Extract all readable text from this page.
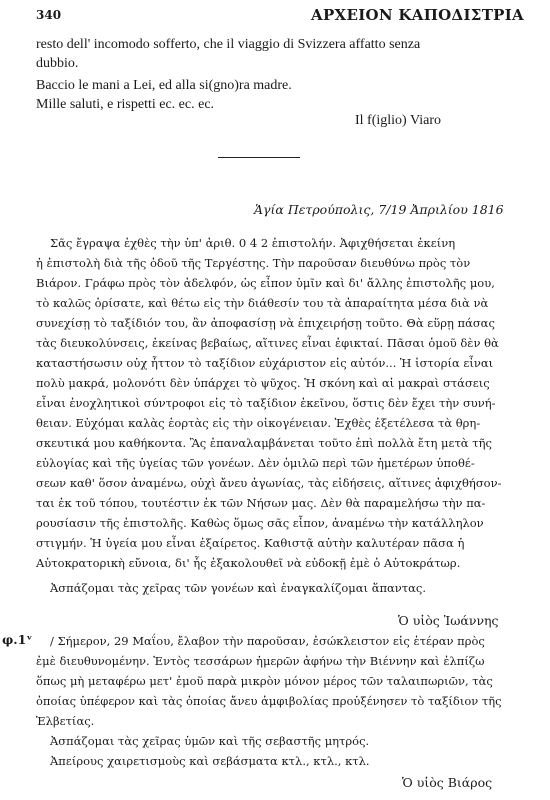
340	ΑΡΧΕΙΟΝ ΚΑΠΟΔΙΣΤΡΙΑ
resto dell' incomodo sofferto, che il viaggio di Svizzera affatto senza
dubbio.
Baccio le mani a Lei, ed alla si(gno)ra madre.
Mille saluti, e rispetti ec. ec. ec.
Il f(iglio) Viaro
Ἁγία Πετρούπολις, 7/19 Ἀπριλίου 1816
Σᾶς ἔγραψα ἐχθὲς τὴν ὑπ' ἀριθ. 0 4 2 ἐπιστολήν. Ἀφιχθήσεται ἐκείνη
ἡ ἐπιστολὴ διὰ τῆς ὁδοῦ τῆς Τεργέστης. Τὴν παροῦσαν διευθύνω πρὸς τὸν
Βιάρον. Γράφω πρὸς τὸν ἀδελφόν, ὡς εἶπον ὑμῖν καὶ δι' ἄλλης ἐπιστολῆς μου,
τὸ καλῶς ὁρίσατε, καὶ θέτω εἰς τὴν διάθεσίν του τὰ ἀπαραίτητα μέσα διὰ νὰ
συνεχίσῃ τὸ ταξίδιόν του, ἂν ἀποφασίσῃ νὰ ἐπιχειρήσῃ τοῦτο. Θὰ εὕρῃ πάσας
τὰς διευκολύνσεις, ἐκείνας βεβαίως, αἵτινες εἶναι ἐφικταί. Πᾶσαι ὁμοῦ δὲν θὰ
καταστήσωσιν οὐχ ἧττον τὸ ταξίδιον εὐχάριστον εἰς αὐτόν... Ἡ ἱστορία εἶναι
πολὺ μακρά, μολονότι δὲν ὑπάρχει τὸ ψῦχος. Ἡ σκόνη καὶ αἱ μακραὶ στάσεις
εἶναι ἐνοχλητικοὶ σύντροφοι εἰς τὸ ταξίδιον ἐκεῖνου, ὅστις δὲν ἔχει τὴν συνή-
θειαν. Εὐχόμαι καλὰς ἑορτὰς εἰς τὴν οἰκογένειαν. Ἐχθὲς ἐξετέλεσα τὰ θρη-
σκευτικά μου καθήκοντα. Ἂς ἐπαναλαμβάνεται τοῦτο ἐπὶ πολλὰ ἔτη μετὰ τῆς
εὐλογίας καὶ τῆς ὑγείας τῶν γονέων. Δὲν ὁμιλῶ περὶ τῶν ἡμετέρων ὑποθέ-
σεων καθ' ὅσον ἀναμένω, οὐχὶ ἄνευ ἀγωνίας, τὰς εἰδήσεις, αἵτινες ἀφιχθήσον-
ται ἐκ τοῦ τόπου, τουτέστιν ἐκ τῶν Νήσων μας. Δὲν θὰ παραμελήσω τὴν πα-
ρουσίασιν τῆς ἐπιστολῆς. Καθὼς ὅμως σᾶς εἶπον, ἀναμένω τὴν κατάλληλον
στιγμήν. Ἡ ὑγεία μου εἶναι ἐξαίρετος. Καθιστᾷ αὐτὴν καλυτέραν πᾶσα ἡ
Αὐτοκρατορικὴ εὔνοια, δι' ἧς ἐξακολουθεῖ νὰ εὐδοκῇ ἐμὲ ὁ Αὐτοκράτωρ.
Ἀσπάζομαι τὰς χεῖρας τῶν γονέων καὶ ἐναγκαλίζομαι ἅπαντας.
Ὁ υἱὸς Ἰωάννης
φ.1ᵛ / Σήμερον, 29 Μαΐου, ἔλαβον τὴν παροῦσαν, ἐσώκλειστον εἰς ἑτέραν πρὸς
ἐμὲ διευθυνομένην. Ἐντὸς τεσσάρων ἡμερῶν ἀφήνω τὴν Βιέννην καὶ ἐλπίζω
ὅπως μὴ μεταφέρω μετ' ἐμοῦ παρὰ μικρὸν μόνον μέρος τῶν ταλαιπωριῶν, τὰς
ὁποίας ὑπέφερον καὶ τὰς ὁποίας ἄνευ ἀμφιβολίας προὐξένησεν τὸ ταξίδιον τῆς
Ἑλβετίας.
Ἀσπάζομαι τὰς χεῖρας ὑμῶν καὶ τῆς σεβαστῆς μητρός.
Ἀπείρους χαιρετισμοὺς καὶ σεβάσματα κτλ., κτλ., κτλ.
Ὁ υἱὸς Βιάρος
